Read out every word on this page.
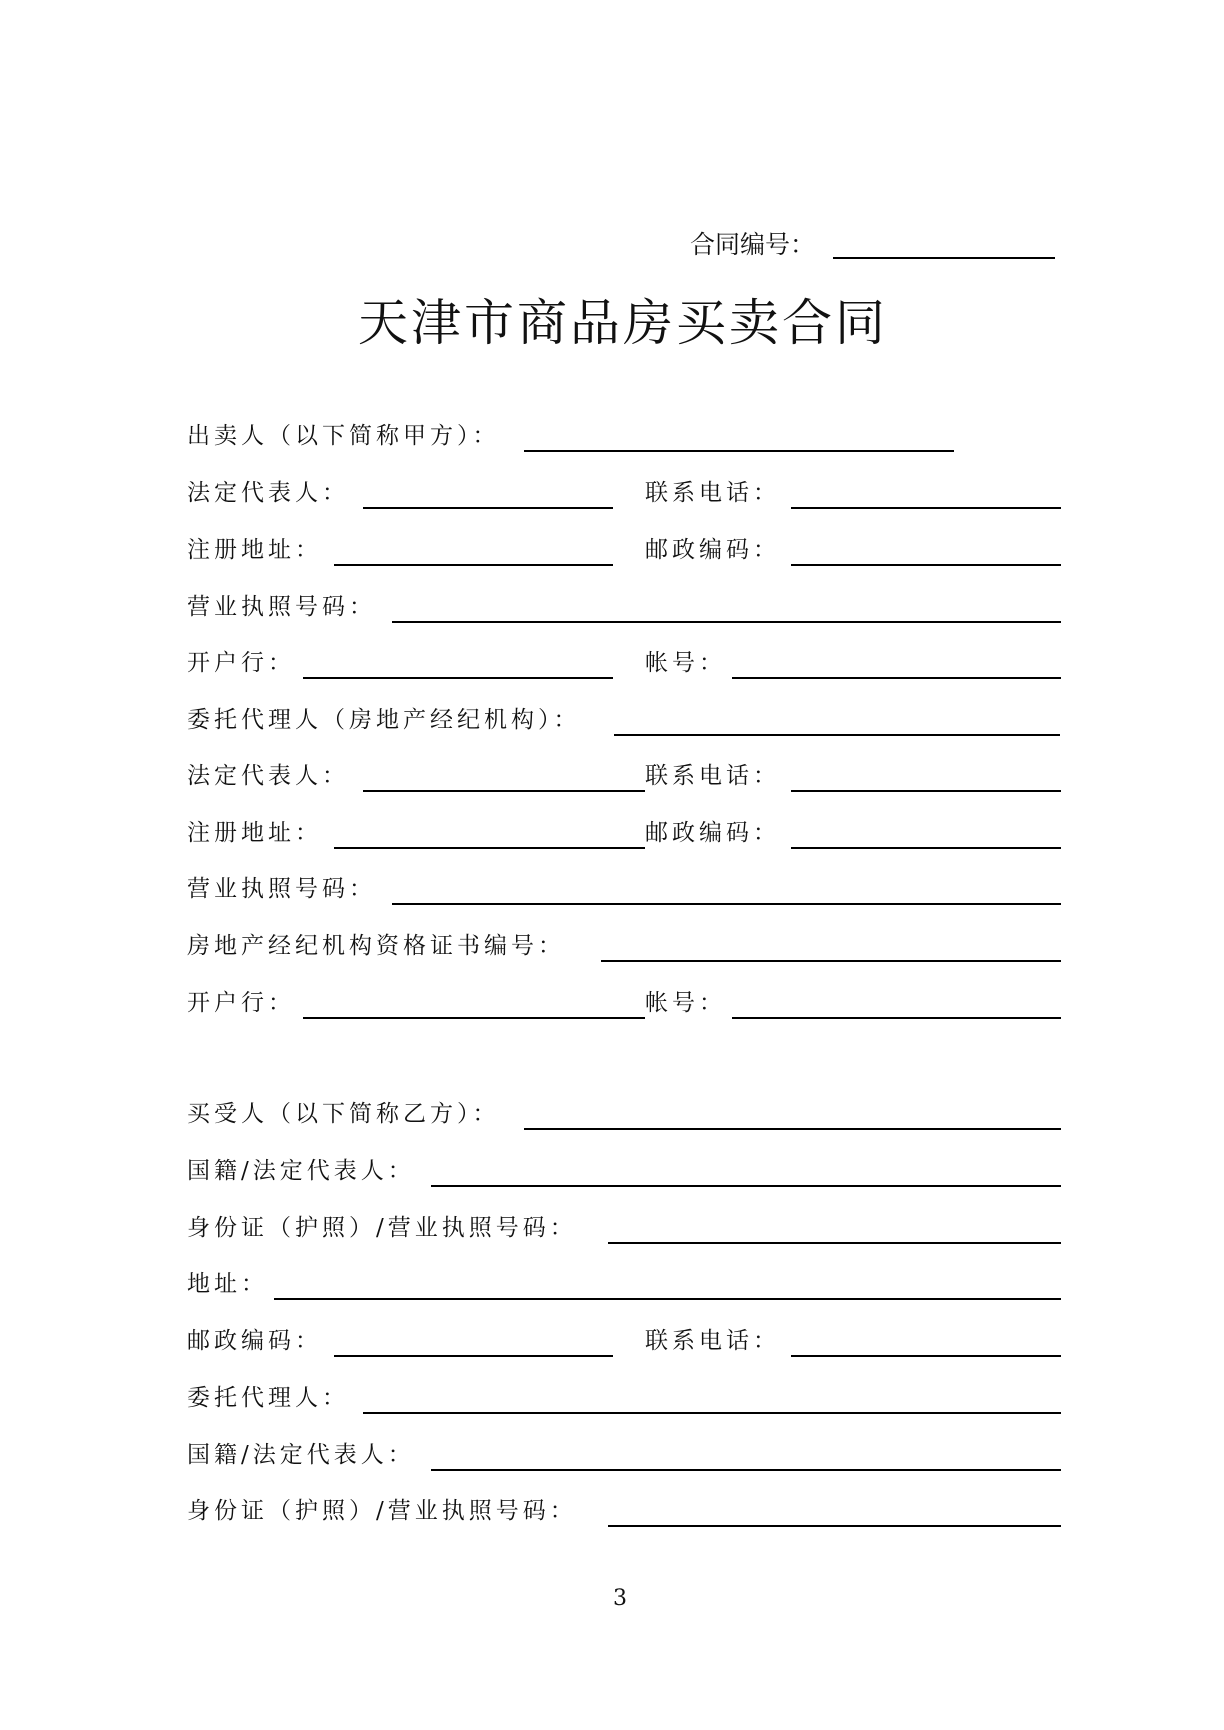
合同编号：
天津市商品房买卖合同
出卖人（以下简称甲方）：
法定代表人：	联系电话：
注册地址：	邮政编码：
营业执照号码：
开户行：	帐号：
委托代理人（房地产经纪机构）：
法定代表人：	联系电话：
注册地址：	邮政编码：
营业执照号码：
房地产经纪机构资格证书编号：
开户行：	帐号：
买受人（以下简称乙方）：
国籍/法定代表人：
身份证（护照）/营业执照号码：
地址：
邮政编码：	联系电话：
委托代理人：
国籍/法定代表人：
身份证（护照）/营业执照号码：
3
